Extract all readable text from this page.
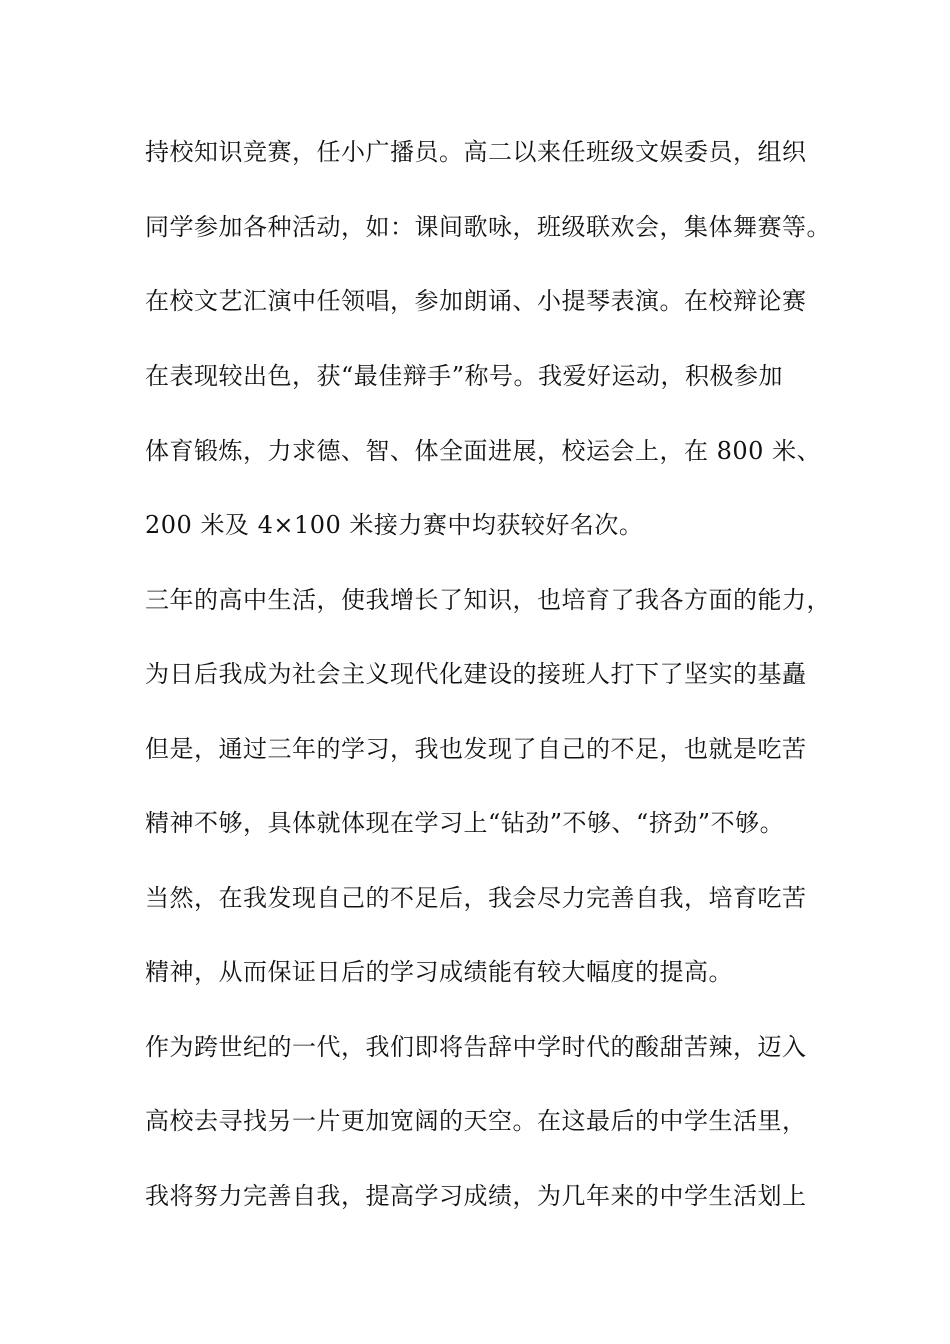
持校知识竞赛，任小广播员。高二以来任班级文娱委员，组织
同学参加各种活动，如：课间歌咏，班级联欢会，集体舞赛等。
在校文艺汇演中任领唱，参加朗诵、小提琴表演。在校辩论赛
在表现较出色，获“最佳辩手”称号。我爱好运动，积极参加
体育锻炼，力求德、智、体全面进展，校运会上，在 800 米、
200 米及 4×100 米接力赛中均获较好名次。
三年的高中生活，使我增长了知识，也培育了我各方面的能力，
为日后我成为社会主义现代化建设的接班人打下了坚实的基矗
但是，通过三年的学习，我也发现了自己的不足，也就是吃苦
精神不够，具体就体现在学习上“钻劲”不够、“挤劲”不够。
当然，在我发现自己的不足后，我会尽力完善自我，培育吃苦
精神，从而保证日后的学习成绩能有较大幅度的提高。
作为跨世纪的一代，我们即将告辞中学时代的酸甜苦辣，迈入
高校去寻找另一片更加宽阔的天空。在这最后的中学生活里，
我将努力完善自我，提高学习成绩，为几年来的中学生活划上
